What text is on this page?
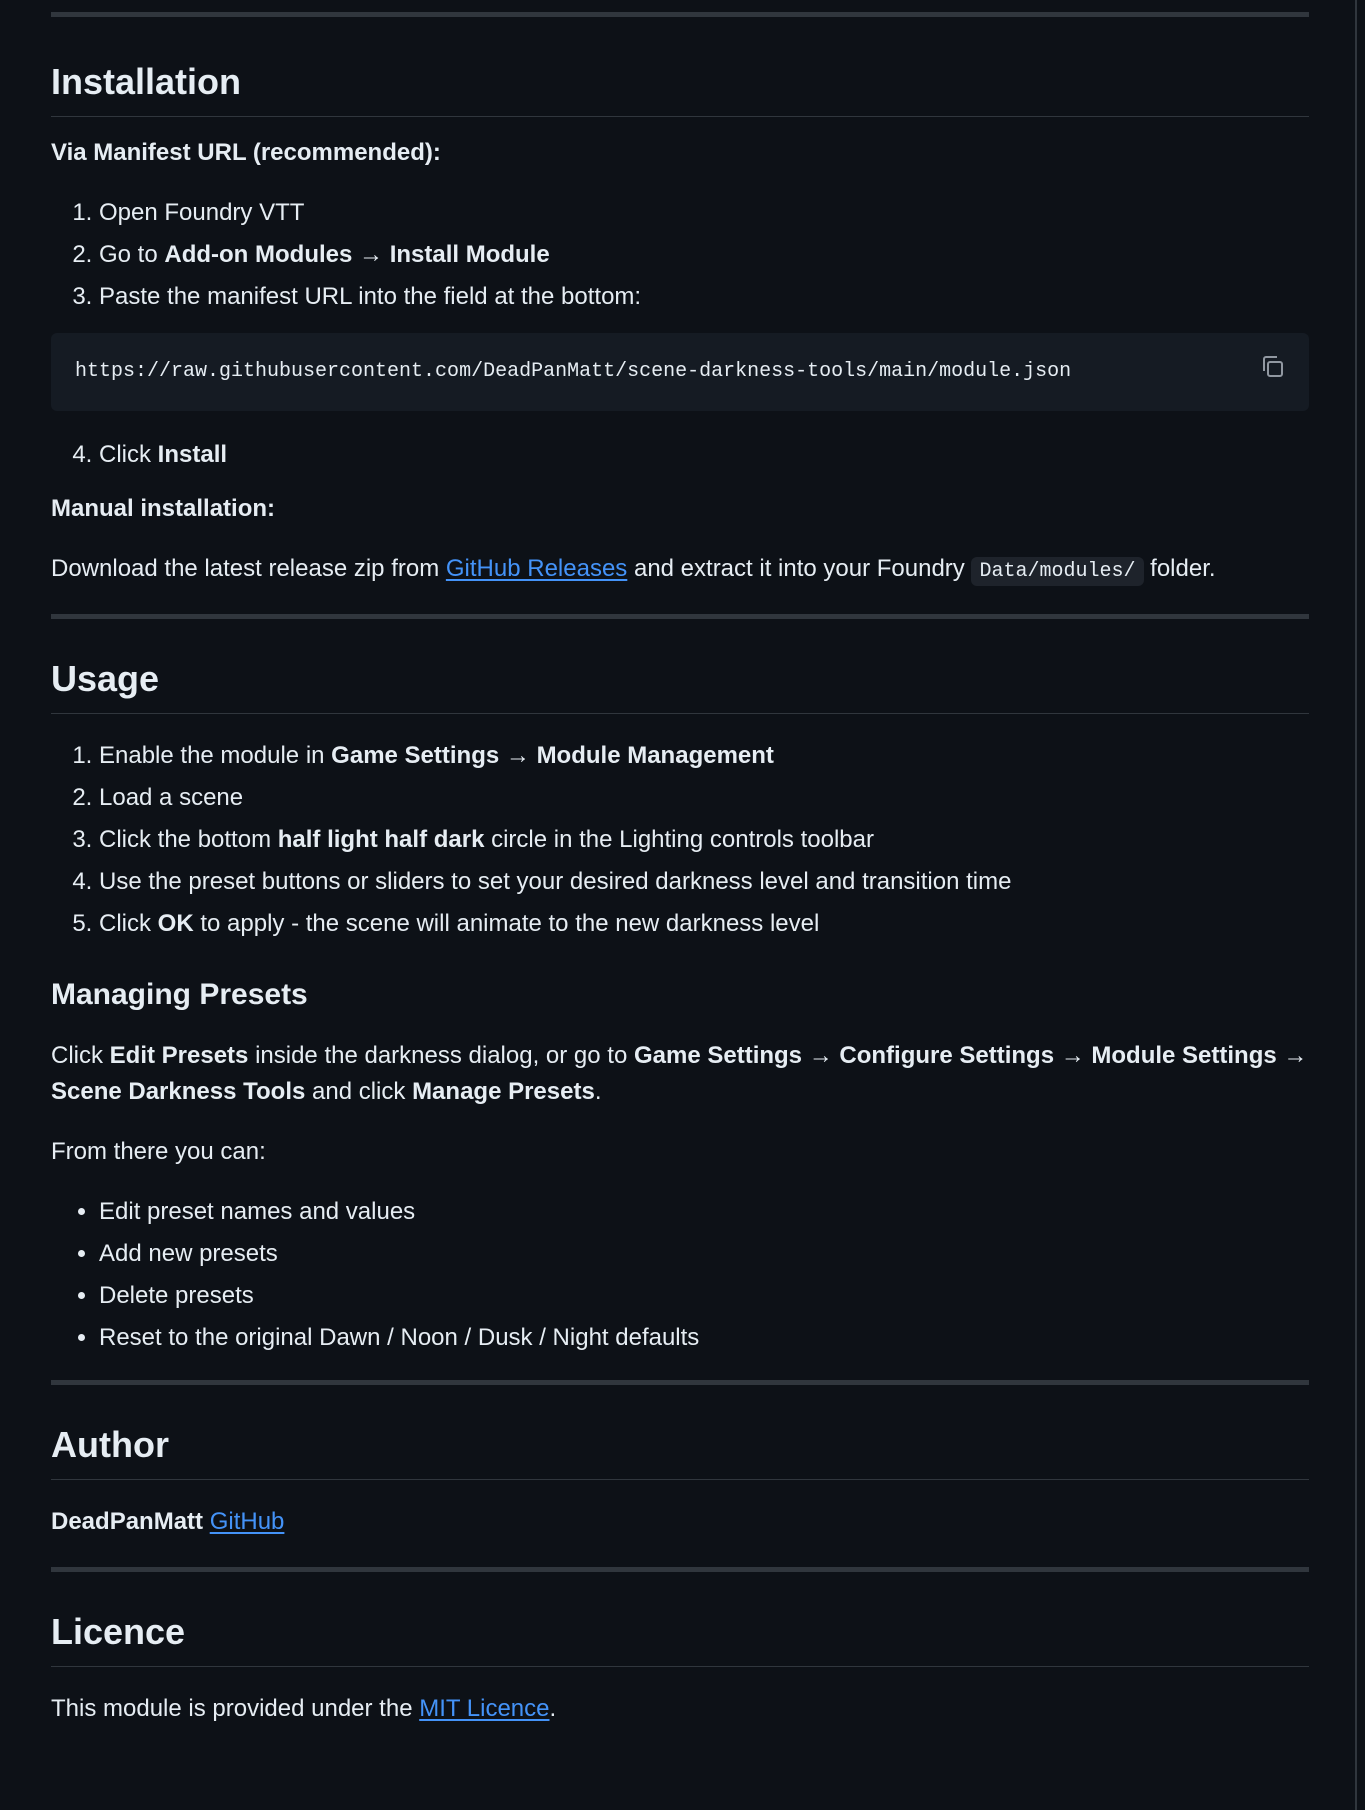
Installation

Via Manifest URL (recommended):

1. Open Foundry VTT
2. Go to Add-on Modules → Install Module
3. Paste the manifest URL into the field at the bottom:
https://raw.githubusercontent.com/DeadPanMatt/scene-darkness-tools/main/module.json
4. Click Install

Manual installation:

Download the latest release zip from GitHub Releases and extract it into your Foundry Data/modules/ folder.

Usage
1. Enable the module in Game Settings → Module Management
2. Load a scene
3. Click the bottom half light half dark circle in the Lighting controls toolbar
4. Use the preset buttons or sliders to set your desired darkness level and transition time
5. Click OK to apply - the scene will animate to the new darkness level
Managing Presets

Click Edit Presets inside the darkness dialog, or go to Game Settings → Configure Settings → Module Settings → Scene Darkness Tools and click Manage Presets.

From there you can:

• Edit preset names and values
• Add new presets
• Delete presets
• Reset to the original Dawn / Noon / Dusk / Night defaults
Author

DeadPanMatt GitHub

Licence

This module is provided under the MIT Licence.
